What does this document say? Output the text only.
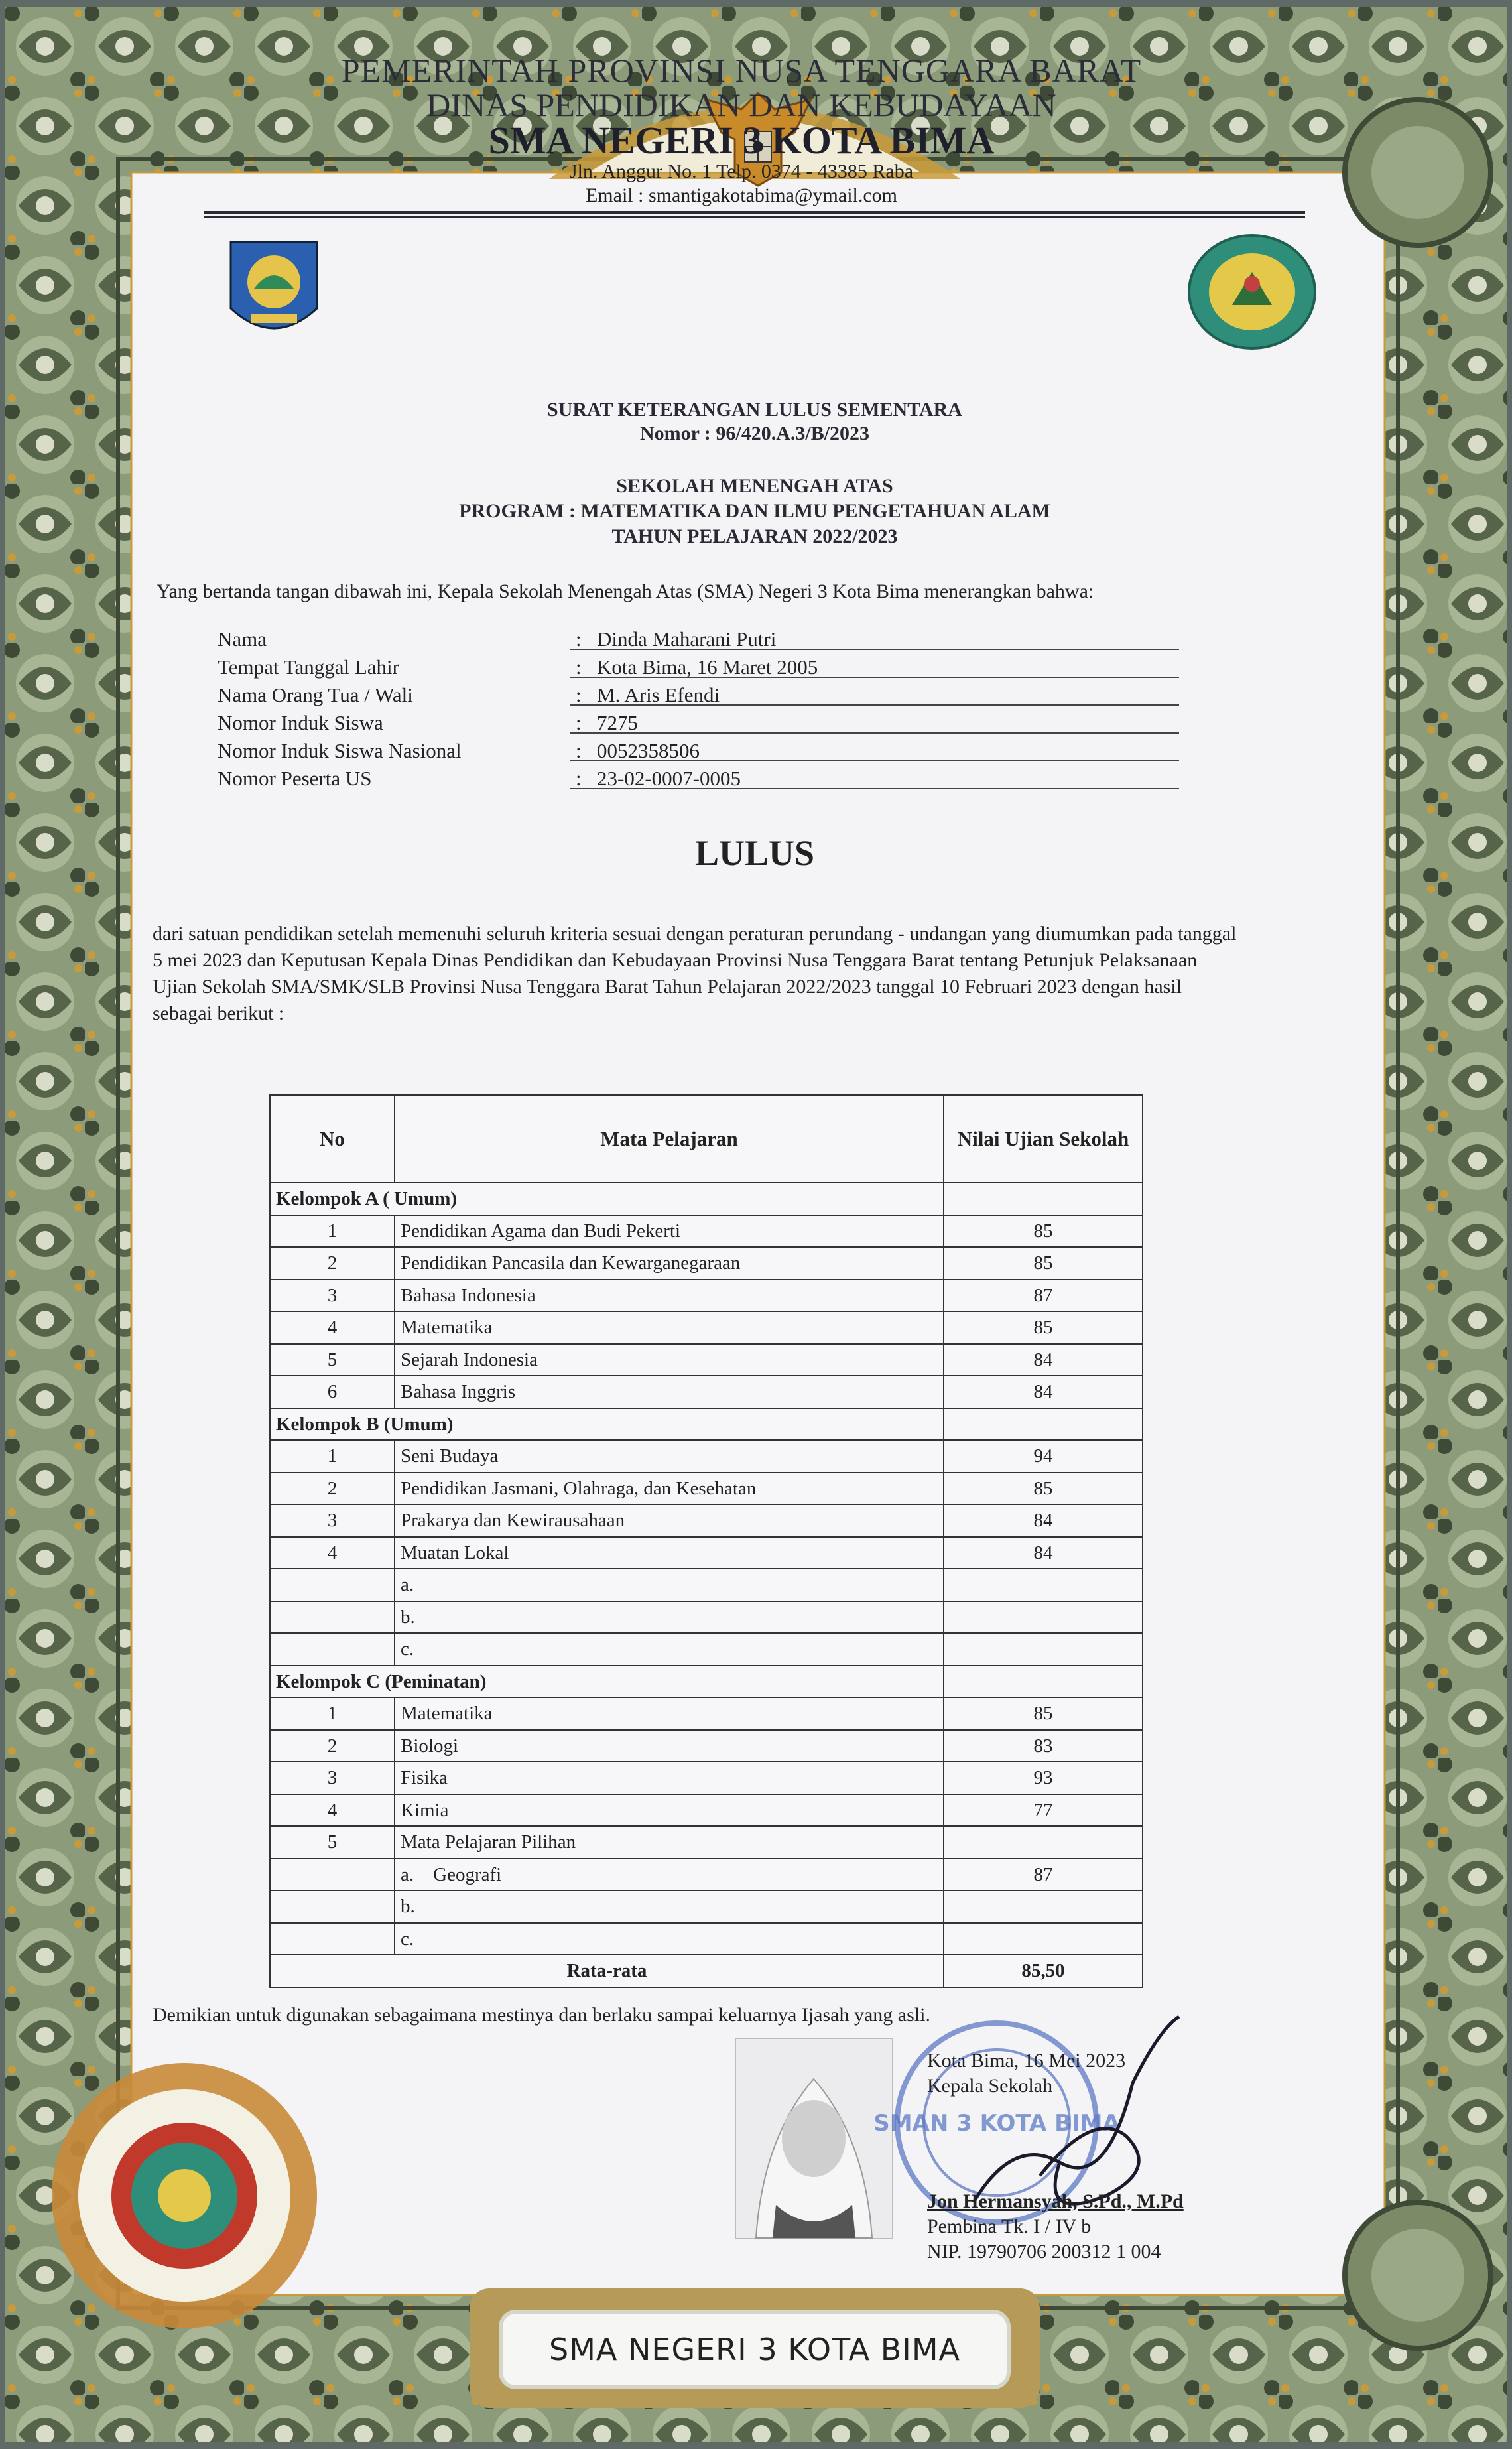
PEMERINTAH PROVINSI NUSA TENGGARA BARAT
DINAS PENDIDIKAN DAN KEBUDAYAAN
SMA NEGERI 3 KOTA BIMA
Jln. Anggur No. 1 Telp. 0374 - 43385 Raba
Email : smantigakotabima@ymail.com
SURAT KETERANGAN LULUS SEMENTARA
Nomor : 96/420.A.3/B/2023
SEKOLAH MENENGAH ATAS
PROGRAM : MATEMATIKA DAN ILMU PENGETAHUAN ALAM
TAHUN PELAJARAN 2022/2023
Yang bertanda tangan dibawah ini, Kepala Sekolah Menengah Atas (SMA) Negeri 3 Kota Bima menerangkan bahwa:
Nama	: Dinda Maharani Putri
Tempat Tanggal Lahir	: Kota Bima, 16 Maret 2005
Nama Orang Tua / Wali	: M. Aris Efendi
Nomor Induk Siswa	: 7275
Nomor Induk Siswa Nasional	: 0052358506
Nomor Peserta US	: 23-02-0007-0005
LULUS
dari satuan pendidikan setelah memenuhi seluruh kriteria sesuai dengan peraturan perundang - undangan yang diumumkan pada tanggal
5 mei 2023 dan Keputusan Kepala Dinas Pendidikan dan Kebudayaan Provinsi Nusa Tenggara Barat tentang Petunjuk Pelaksanaan
Ujian Sekolah SMA/SMK/SLB Provinsi Nusa Tenggara Barat Tahun Pelajaran 2022/2023 tanggal 10 Februari 2023 dengan hasil
sebagai berikut :
No	Mata Pelajaran	Nilai Ujian Sekolah
Kelompok A ( Umum)		
1	Pendidikan Agama dan Budi Pekerti	85
2	Pendidikan Pancasila dan Kewarganegaraan	85
3	Bahasa Indonesia	87
4	Matematika	85
5	Sejarah Indonesia	84
6	Bahasa Inggris	84
Kelompok B (Umum)		
1	Seni Budaya	94
2	Pendidikan Jasmani, Olahraga, dan Kesehatan	85
3	Prakarya dan Kewirausahaan	84
4	Muatan Lokal	84
	a.	
	b.	
	c.	
Kelompok C (Peminatan)		
1	Matematika	85
2	Biologi	83
3	Fisika	93
4	Kimia	77
5	Mata Pelajaran Pilihan	
	a. Geografi	87
	b.	
	c.	
Rata-rata		85,50
Demikian untuk digunakan sebagaimana mestinya dan berlaku sampai keluarnya Ijasah yang asli.
SMAN 3 KOTA BIMA
Kota Bima, 16 Mei 2023
Kepala Sekolah
Jon Hermansyah, S.Pd., M.Pd
Pembina Tk. I / IV b
NIP. 19790706 200312 1 004
SMA NEGERI 3 KOTA BIMA
